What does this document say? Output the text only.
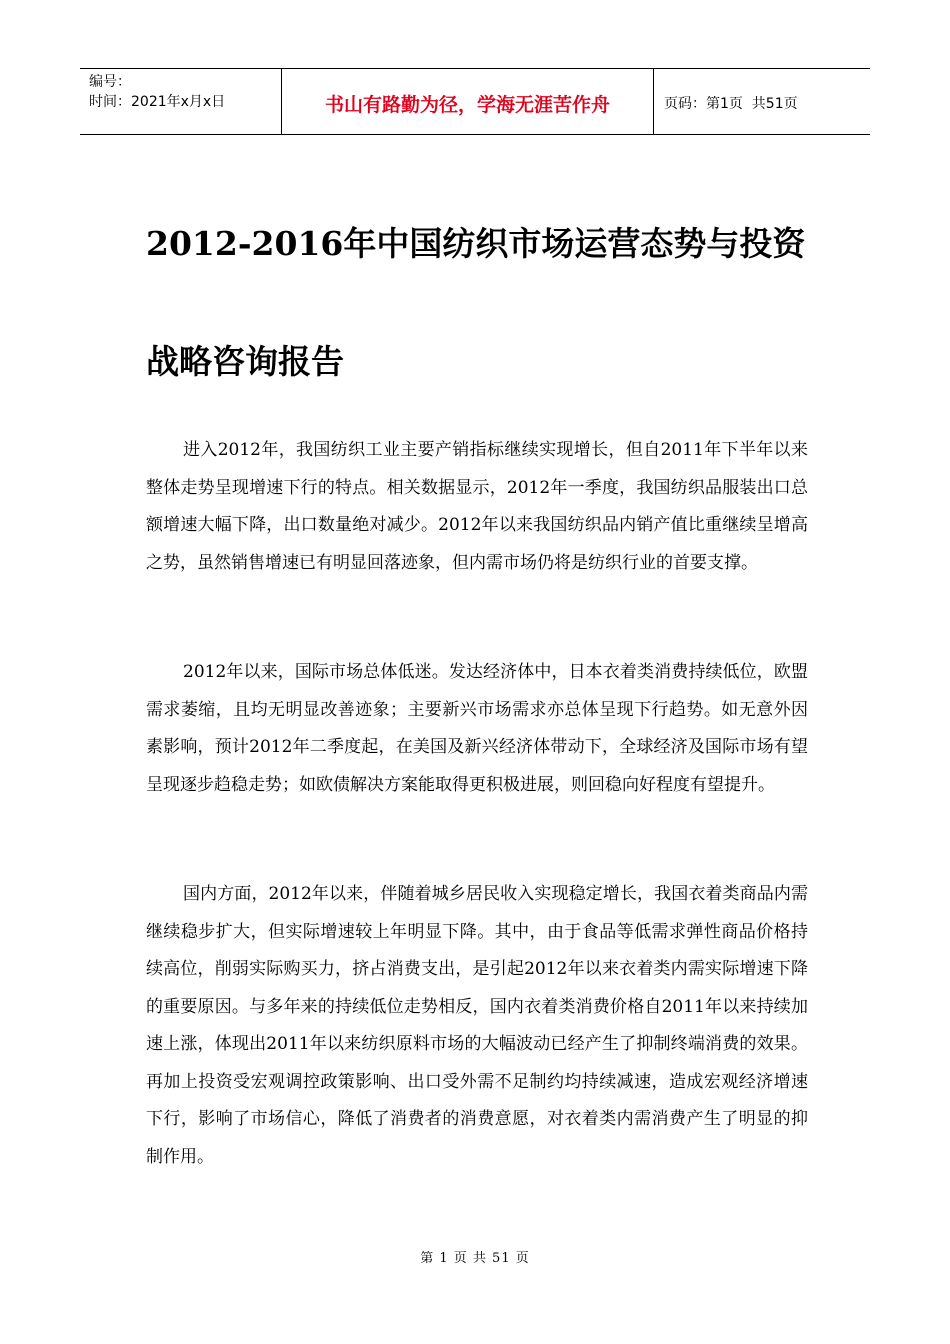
编号：
时间：2021年x月x日	书山有路勤为径，学海无涯苦作舟	页码：第1页  共51页
2012-2016年中国纺织市场运营态势与投资
战略咨询报告

进入2012年，我国纺织工业主要产销指标继续实现增长，但自2011年下半年以来整体走势呈现增速下行的特点。相关数据显示，2012年一季度，我国纺织品服装出口总额增速大幅下降，出口数量绝对减少。2012年以来我国纺织品内销产值比重继续呈增高之势，虽然销售增速已有明显回落迹象，但内需市场仍将是纺织行业的首要支撑。

2012年以来，国际市场总体低迷。发达经济体中，日本衣着类消费持续低位，欧盟需求萎缩，且均无明显改善迹象；主要新兴市场需求亦总体呈现下行趋势。如无意外因素影响，预计2012年二季度起，在美国及新兴经济体带动下，全球经济及国际市场有望呈现逐步趋稳走势；如欧债解决方案能取得更积极进展，则回稳向好程度有望提升。

国内方面，2012年以来，伴随着城乡居民收入实现稳定增长，我国衣着类商品内需继续稳步扩大，但实际增速较上年明显下降。其中，由于食品等低需求弹性商品价格持续高位，削弱实际购买力，挤占消费支出，是引起2012年以来衣着类内需实际增速下降的重要原因。与多年来的持续低位走势相反，国内衣着类消费价格自2011年以来持续加速上涨，体现出2011年以来纺织原料市场的大幅波动已经产生了抑制终端消费的效果。再加上投资受宏观调控政策影响、出口受外需不足制约均持续减速，造成宏观经济增速下行，影响了市场信心，降低了消费者的消费意愿，对衣着类内需消费产生了明显的抑制作用。

第 1 页 共 51 页
